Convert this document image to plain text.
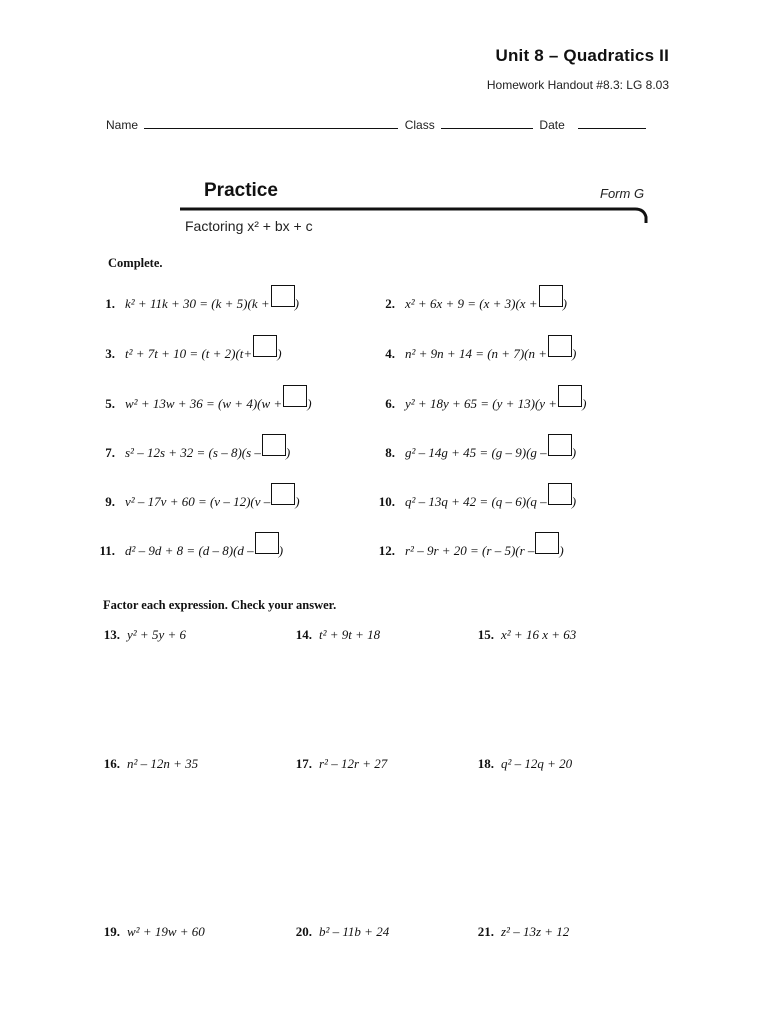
Unit 8 – Quadratics II
Homework Handout #8.3: LG 8.03
Name	Class	Date
Practice	Form G
Factoring x² + bx + c
Complete.
1. k² + 11k + 30 = (k + 5)(k + )	2. x² + 6x + 9 = (x + 3)(x + )
3. t² + 7t + 10 = (t + 2)(t+ )	4. n² + 9n + 14 = (n + 7)(n + )
5. w² + 13w + 36 = (w + 4)(w + )	6. y² + 18y + 65 = (y + 13)(y + )
7. s² – 12s + 32 = (s – 8)(s – )	8. g² – 14g + 45 = (g – 9)(g – )
9. v² – 17v + 60 = (v – 12)(v – )	10. q² – 13q + 42 = (q – 6)(q – )
11. d² – 9d + 8 = (d – 8)(d – )	12. r² – 9r + 20 = (r – 5)(r – )
Factor each expression. Check your answer.
13. y² + 5y + 6	14. t² + 9t + 18	15. x² + 16 x + 63
16. n² – 12n + 35	17. r² – 12r + 27	18. q² – 12q + 20
19. w² + 19w + 60	20. b² – 11b + 24	21. z² – 13z + 12
